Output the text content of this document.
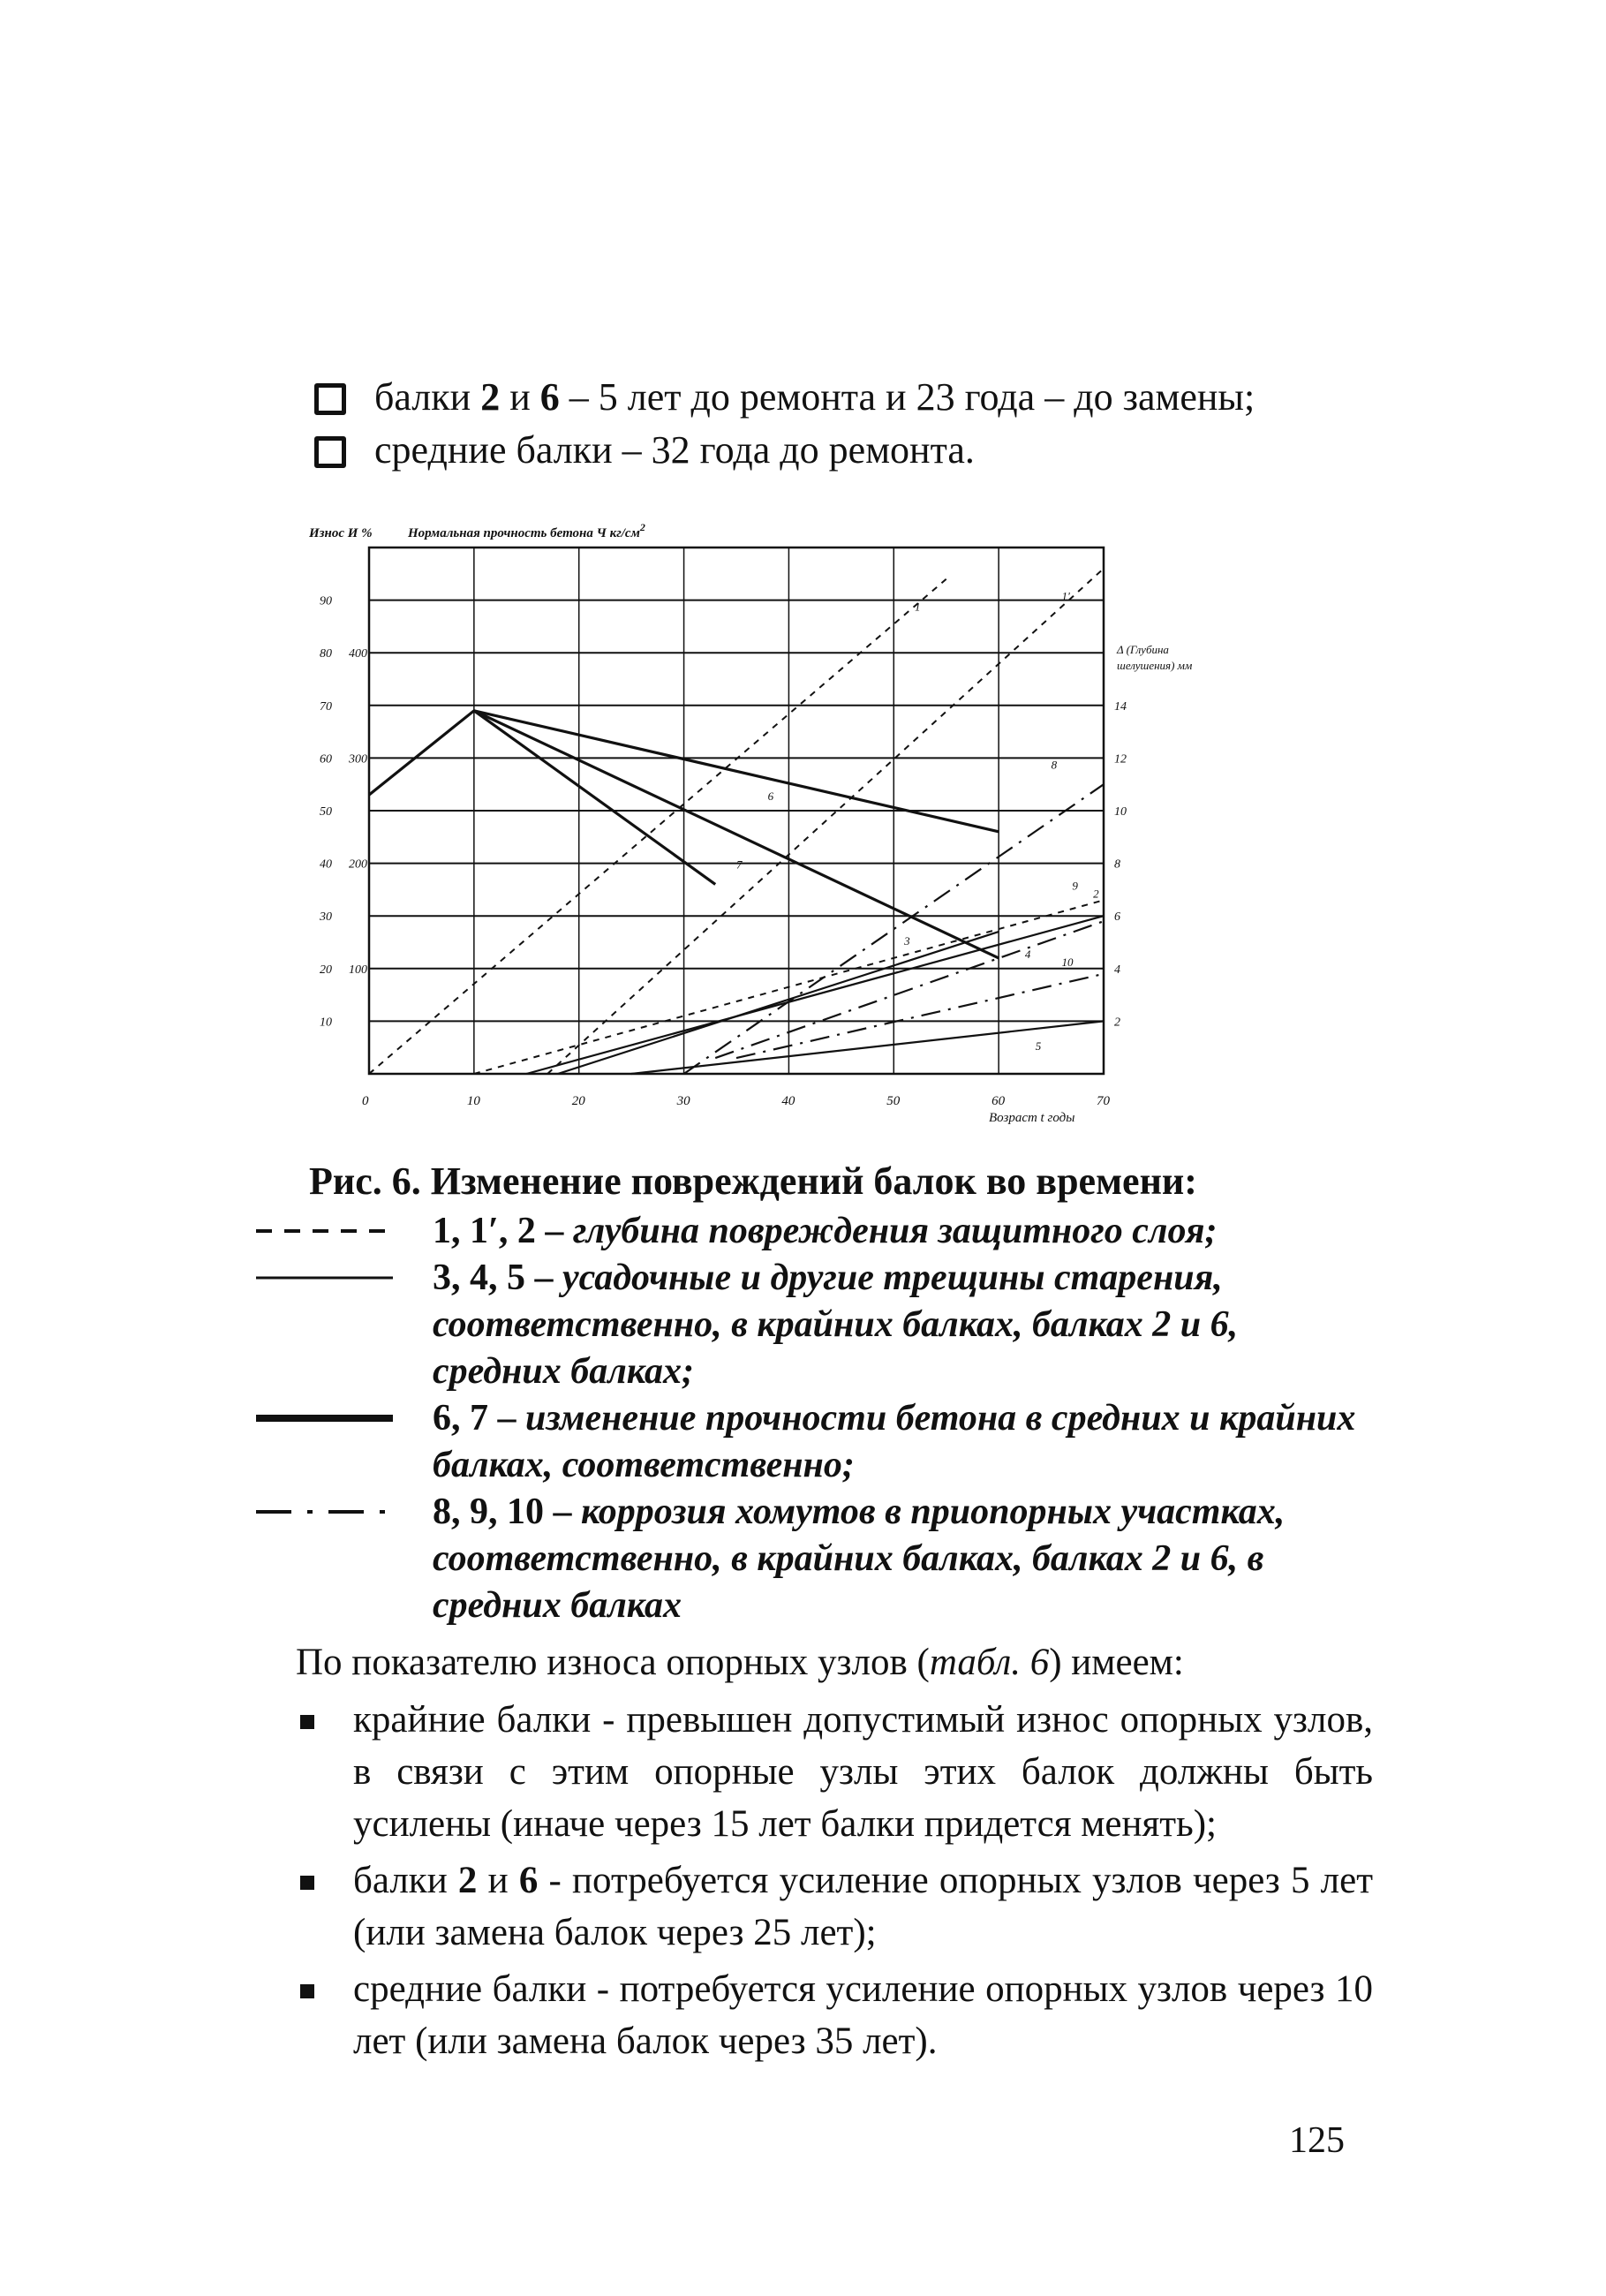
балки 2 и 6 – 5 лет до ремонта и 23 года – до замены;
средние балки – 32 года до ремонта.
Износ И %	Нормальная прочность бетона Ч $кг/см^2$
0	10	20	30	40	50	60	70
10
20
30
40
50
60
70
80
90
100
200
300
400
2
4
6
8
10
12
14
1
1'
2
3
4
5
6
7
8
9
10
Δ (Глубина
шелушения) мм
Возраст t годы
Рис. 6. Изменение повреждений балок во времени:
1, 1′, 2 – глубина повреждения защитного слоя;
3, 4, 5 – усадочные и другие трещины старения, соответственно, в крайних балках, балках 2 и 6, средних балках;
6, 7 – изменение прочности бетона в средних и крайних балках, соответственно;
8, 9, 10 – коррозия хомутов в приопорных участках, соответственно, в крайних балках, балках 2 и 6, в средних балках
По показателю износа опорных узлов (табл. 6) имеем:
крайние балки - превышен допустимый износ опорных узлов, в связи с этим опорные узлы этих балок должны быть усилены (иначе через 15 лет балки придется менять);
балки 2 и 6 - потребуется усиление опорных узлов через 5 лет (или замена балок через 25 лет);
средние балки - потребуется усиление опорных узлов через 10 лет (или замена балок через 35 лет).
125
